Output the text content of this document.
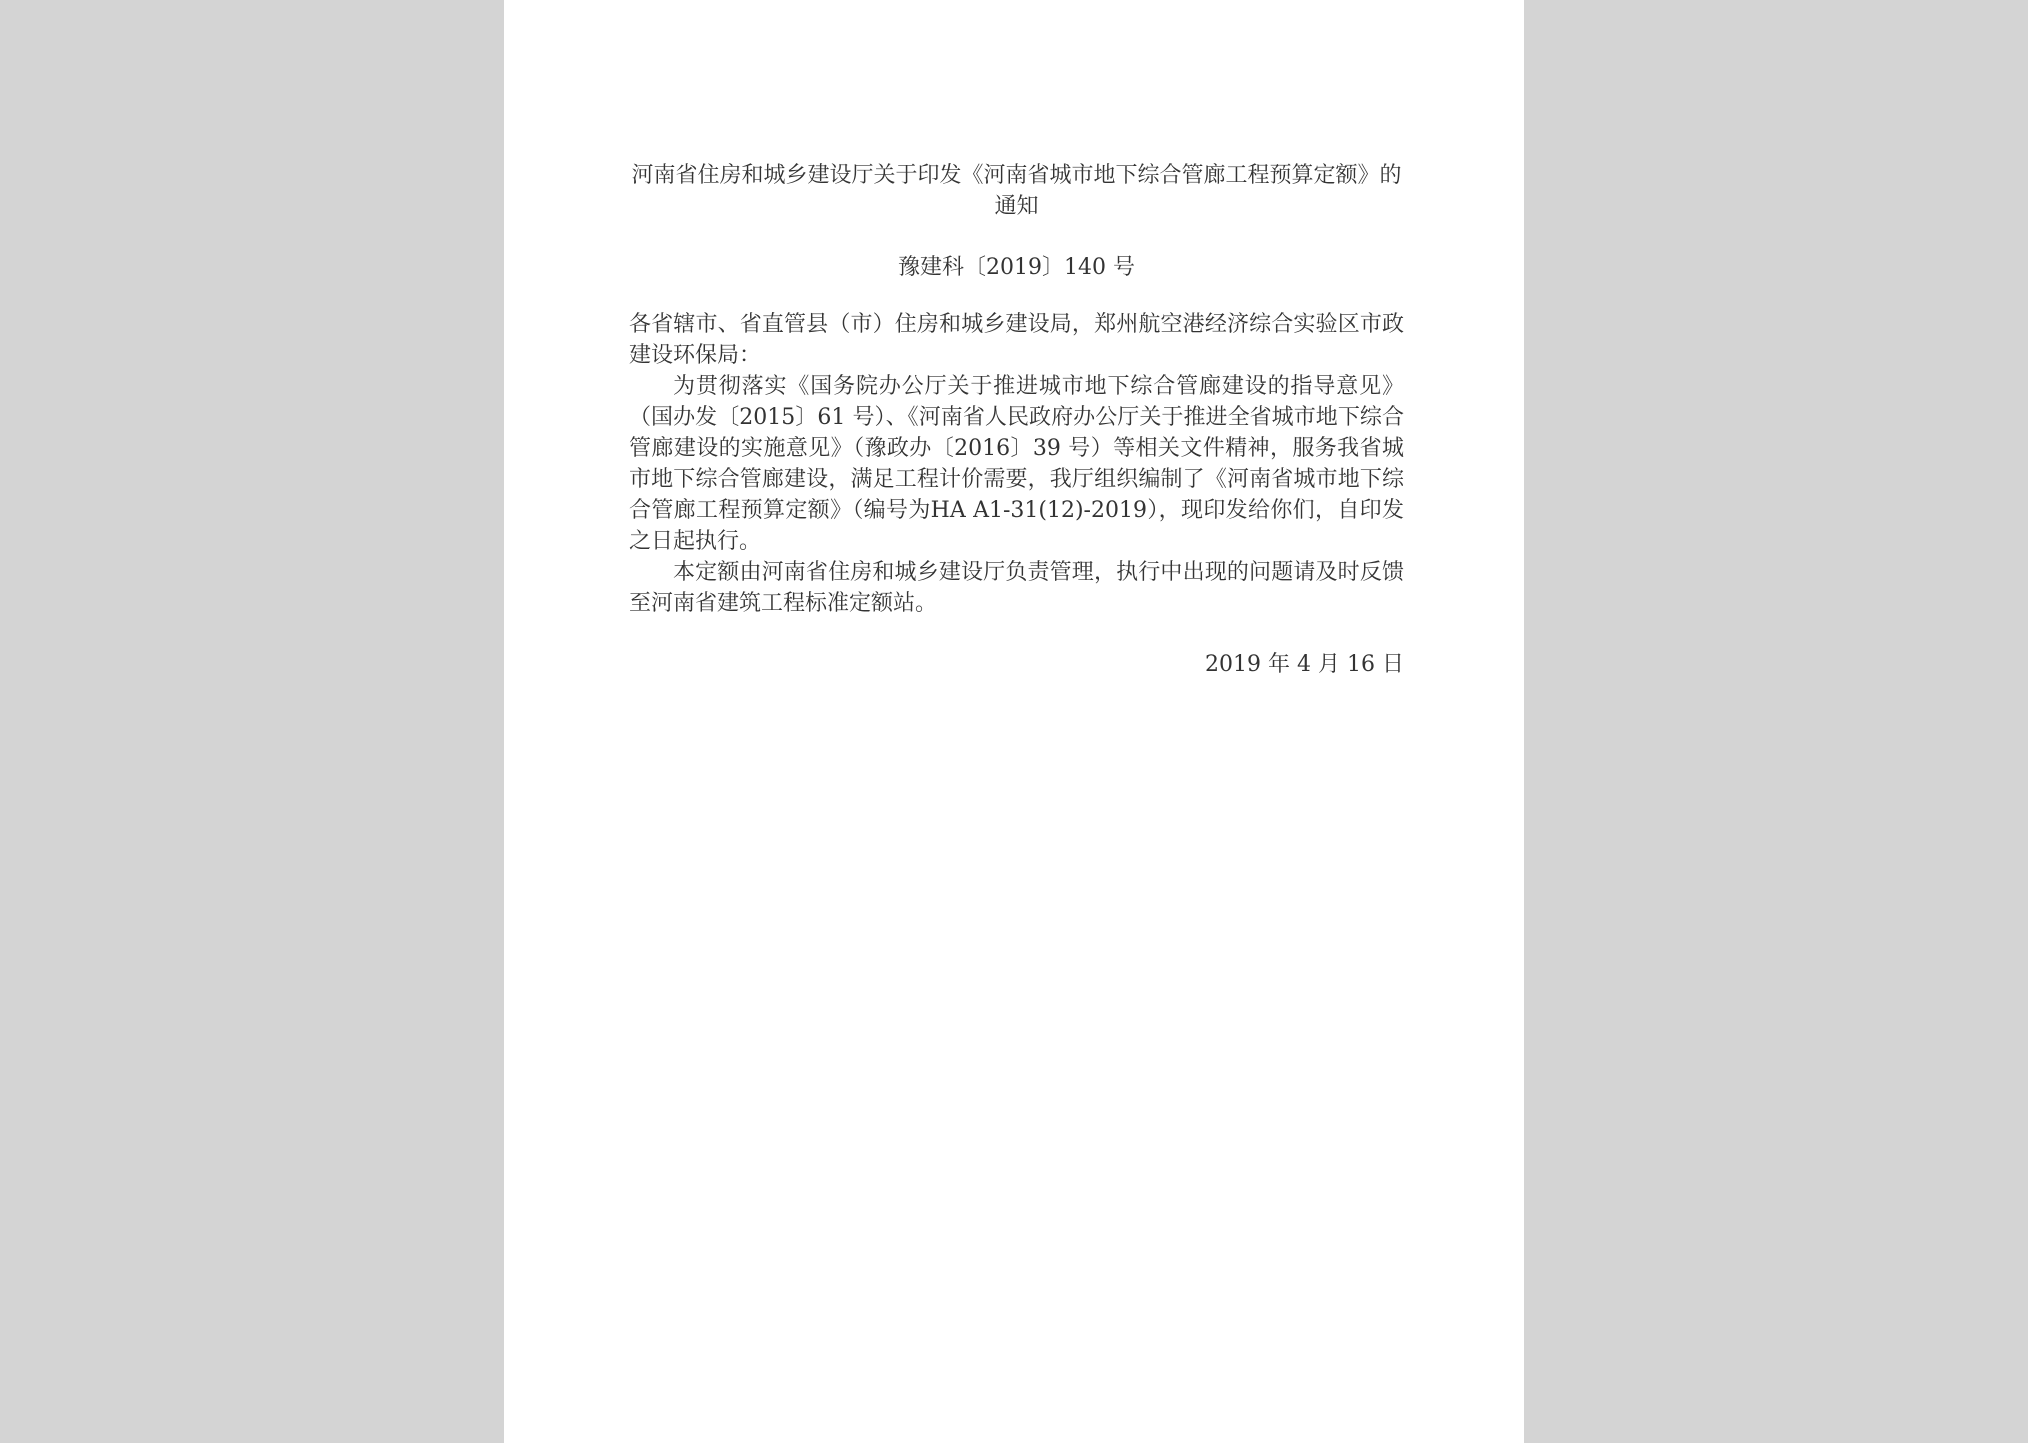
河南省住房和城乡建设厅关于印发《河南省城市地下综合管廊工程预算定额》的通知

豫建科〔2019〕140 号

各省辖市、省直管县（市）住房和城乡建设局，郑州航空港经济综合实验区市政建设环保局：

为贯彻落实《国务院办公厅关于推进城市地下综合管廊建设的指导意见》（国办发〔2015〕61 号）、《河南省人民政府办公厅关于推进全省城市地下综合管廊建设的实施意见》（豫政办〔2016〕39 号）等相关文件精神，服务我省城市地下综合管廊建设，满足工程计价需要，我厅组织编制了《河南省城市地下综合管廊工程预算定额》（编号为HA A1-31(12)-2019），现印发给你们，自印发之日起执行。

本定额由河南省住房和城乡建设厅负责管理，执行中出现的问题请及时反馈至河南省建筑工程标准定额站。

2019 年 4 月 16 日
